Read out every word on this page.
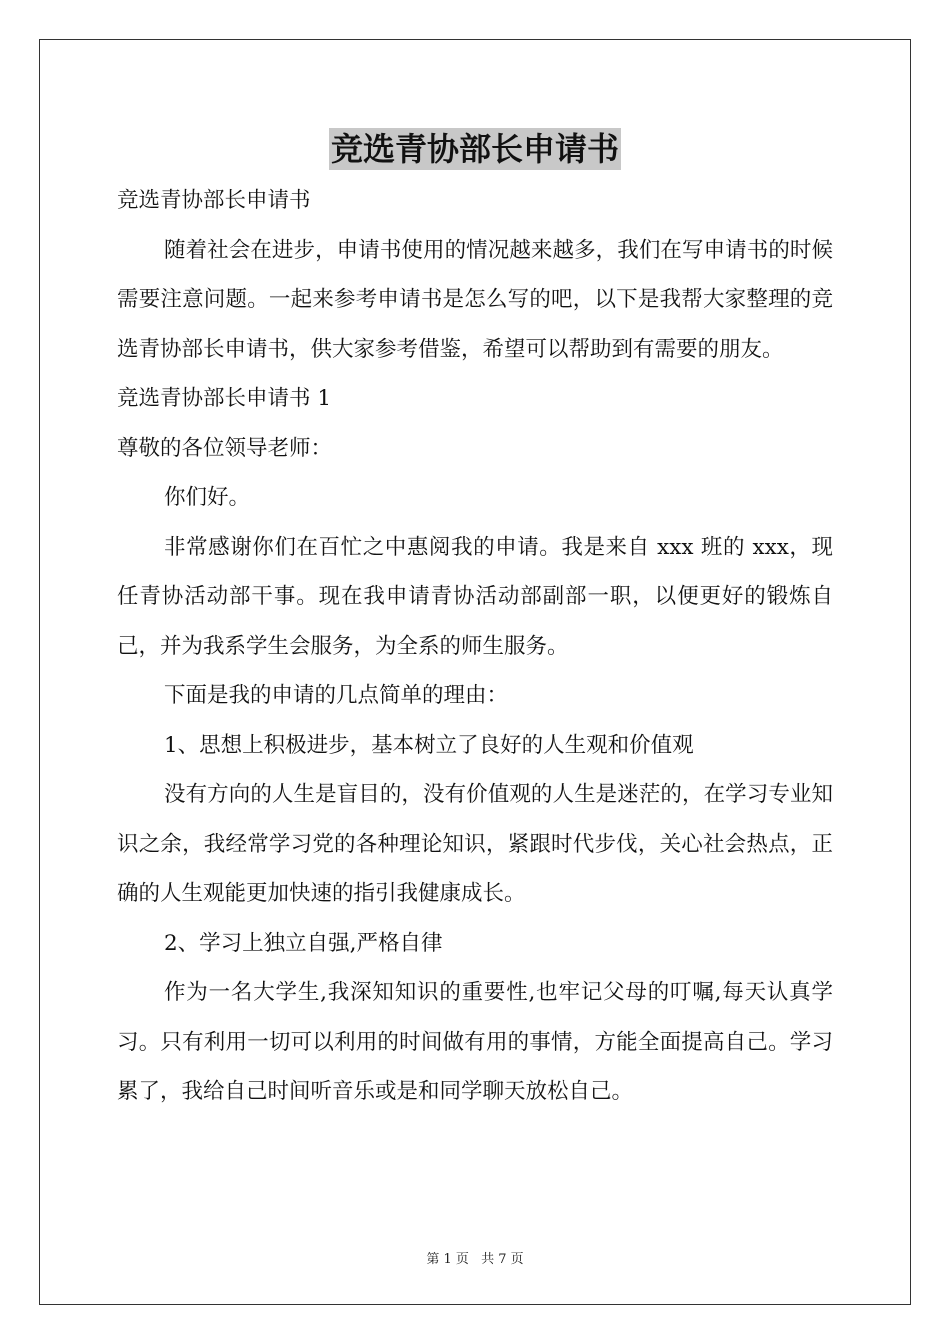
竞选青协部长申请书

竞选青协部长申请书

随着社会在进步，申请书使用的情况越来越多，我们在写申请书的时候需要注意问题。一起来参考申请书是怎么写的吧，以下是我帮大家整理的竞选青协部长申请书，供大家参考借鉴，希望可以帮助到有需要的朋友。

竞选青协部长申请书 1

尊敬的各位领导老师：

你们好。

非常感谢你们在百忙之中惠阅我的申请。我是来自 xxx 班的 xxx，现任青协活动部干事。现在我申请青协活动部副部一职，以便更好的锻炼自己，并为我系学生会服务，为全系的师生服务。

下面是我的申请的几点简单的理由：

1、思想上积极进步，基本树立了良好的人生观和价值观

没有方向的人生是盲目的，没有价值观的人生是迷茫的，在学习专业知识之余，我经常学习党的各种理论知识，紧跟时代步伐，关心社会热点，正确的人生观能更加快速的指引我健康成长。

2、学习上独立自强,严格自律

作为一名大学生,我深知知识的重要性,也牢记父母的叮嘱,每天认真学习。只有利用一切可以利用的时间做有用的事情，方能全面提高自己。学习累了，我给自己时间听音乐或是和同学聊天放松自己。

第 1 页 共 7 页
